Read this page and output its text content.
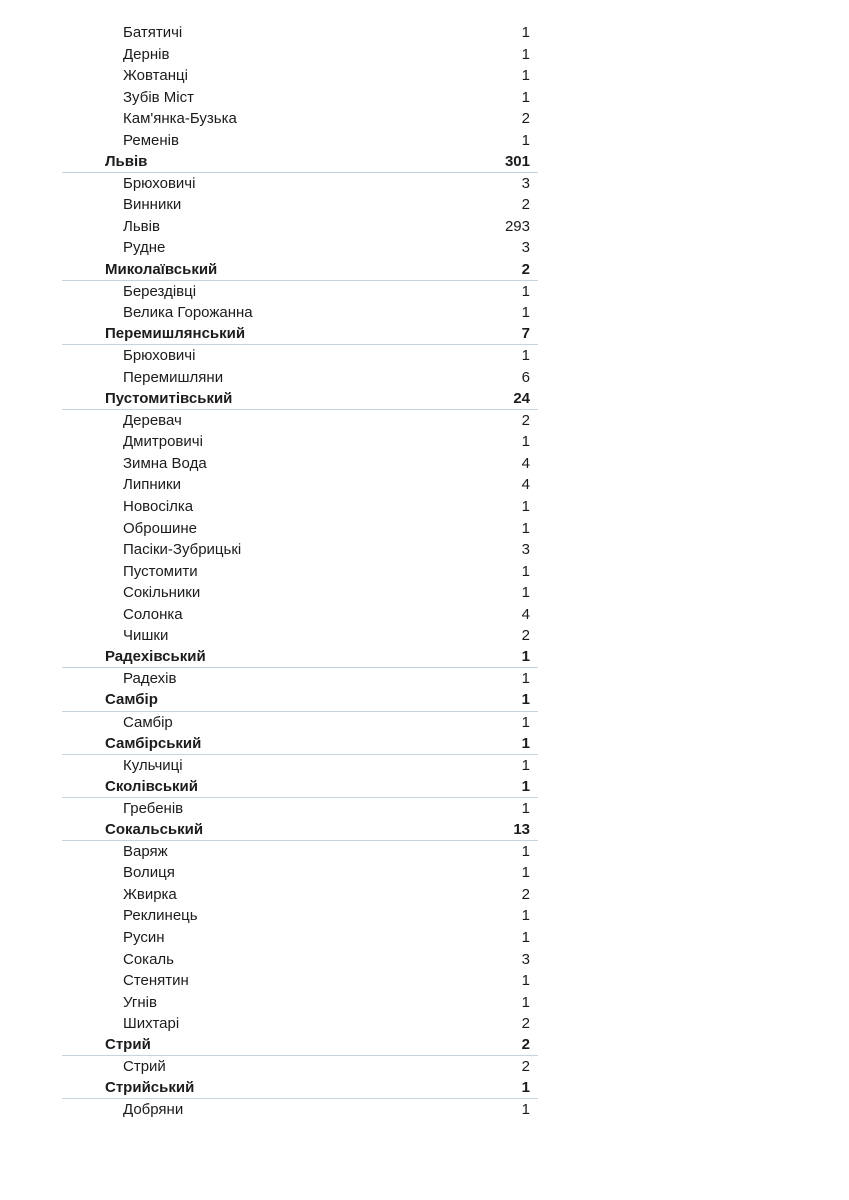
Батятичі	1
Дернів	1
Жовтанці	1
Зубів Міст	1
Кам'янка-Бузька	2
Ременів	1
Львів	301
Брюховичі	3
Винники	2
Львів	293
Рудне	3
Миколаївський	2
Берездівці	1
Велика Горожанна	1
Перемишлянський	7
Брюховичі	1
Перемишляни	6
Пустомитівський	24
Деревач	2
Дмитровичі	1
Зимна Вода	4
Липники	4
Новосілка	1
Оброшине	1
Пасіки-Зубрицькі	3
Пустомити	1
Сокільники	1
Солонка	4
Чишки	2
Радехівський	1
Радехів	1
Самбір	1
Самбір	1
Самбірський	1
Кульчиці	1
Сколівський	1
Гребенів	1
Сокальський	13
Варяж	1
Волиця	1
Жвирка	2
Реклинець	1
Русин	1
Сокаль	3
Стенятин	1
Угнів	1
Шихтарі	2
Стрий	2
Стрий	2
Стрийський	1
Добряни	1
